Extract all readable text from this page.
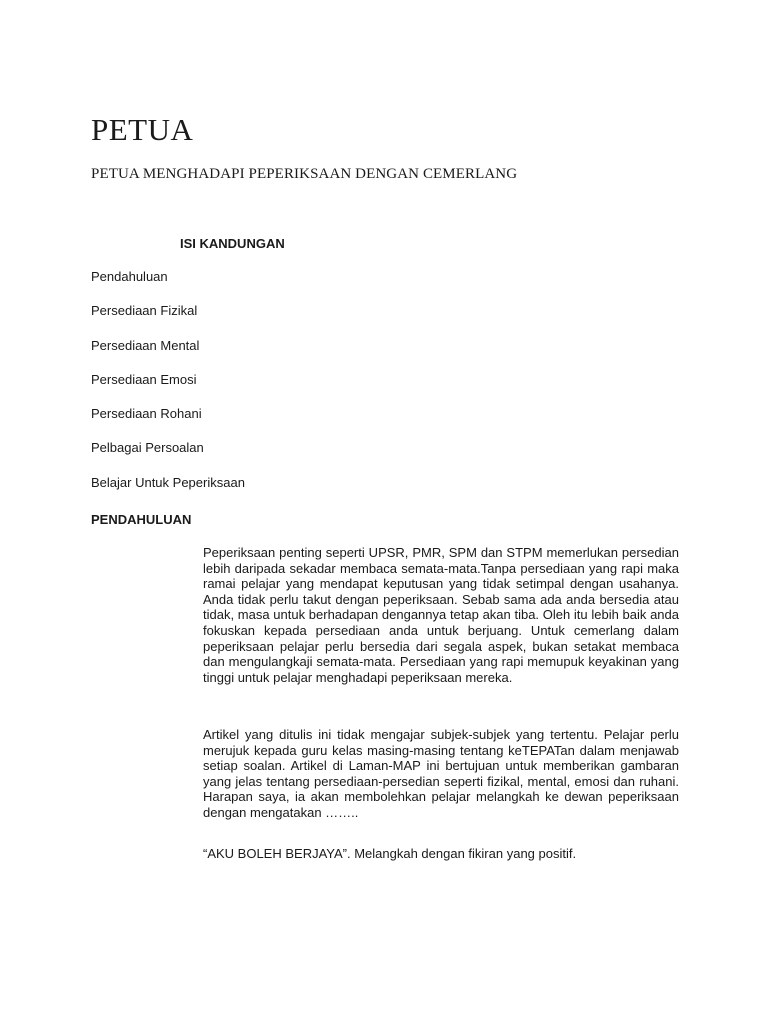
PETUA

PETUA MENGHADAPI PEPERIKSAAN DENGAN CEMERLANG

ISI KANDUNGAN
Pendahuluan
Persediaan Fizikal
Persediaan Mental
Persediaan Emosi
Persediaan Rohani
Pelbagai Persoalan
Belajar Untuk Peperiksaan
PENDAHULUAN

Peperiksaan penting seperti UPSR, PMR, SPM dan STPM memerlukan persedian lebih daripada sekadar membaca semata-mata.Tanpa persediaan yang rapi maka ramai pelajar yang mendapat keputusan yang tidak setimpal dengan usahanya. Anda tidak perlu takut dengan peperiksaan. Sebab sama ada anda bersedia atau tidak, masa untuk berhadapan dengannya tetap akan tiba. Oleh itu lebih baik anda fokuskan kepada persediaan anda untuk berjuang. Untuk cemerlang dalam peperiksaan pelajar perlu bersedia dari segala aspek, bukan setakat membaca dan mengulangkaji semata-mata. Persediaan yang rapi memupuk keyakinan yang tinggi untuk pelajar menghadapi peperiksaan mereka.

Artikel yang ditulis ini tidak mengajar subjek-subjek yang tertentu. Pelajar perlu merujuk kepada guru kelas masing-masing tentang keTEPATan dalam menjawab setiap soalan. Artikel di Laman-MAP ini bertujuan untuk memberikan gambaran yang jelas tentang persediaan-persedian seperti fizikal, mental, emosi dan ruhani. Harapan saya, ia akan membolehkan pelajar melangkah ke dewan peperiksaan dengan mengatakan ……..

“AKU BOLEH BERJAYA”. Melangkah dengan fikiran yang positif.
